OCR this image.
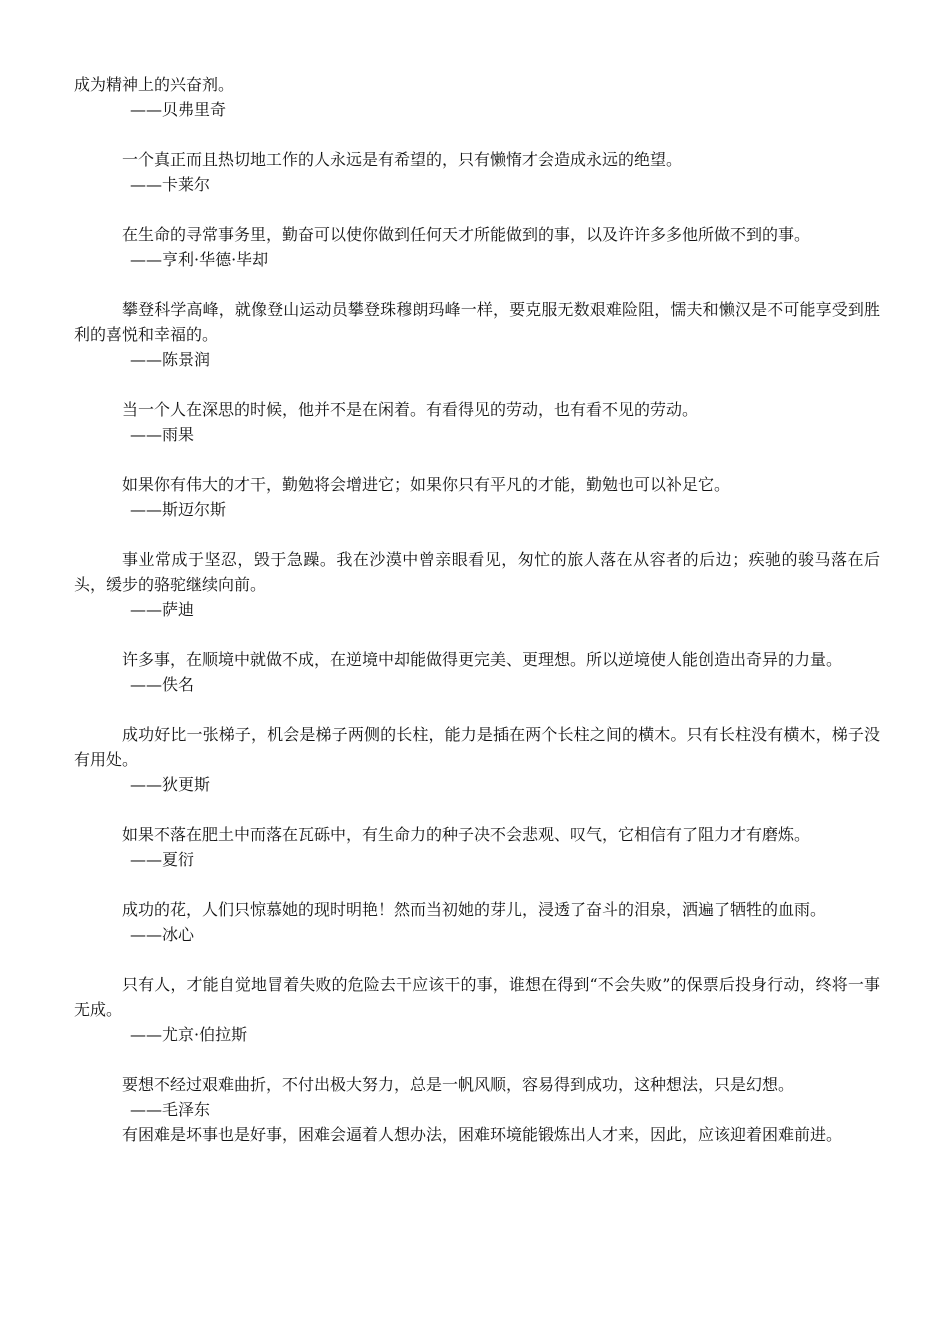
成为精神上的兴奋剂。

——贝弗里奇

一个真正而且热切地工作的人永远是有希望的，只有懒惰才会造成永远的绝望。

——卡莱尔

在生命的寻常事务里，勤奋可以使你做到任何天才所能做到的事，以及许许多多他所做不到的事。

——亨利·华德·毕却

攀登科学高峰，就像登山运动员攀登珠穆朗玛峰一样，要克服无数艰难险阻，懦夫和懒汉是不可能享受到胜利的喜悦和幸福的。

——陈景润

当一个人在深思的时候，他并不是在闲着。有看得见的劳动，也有看不见的劳动。

——雨果

如果你有伟大的才干，勤勉将会增进它；如果你只有平凡的才能，勤勉也可以补足它。

——斯迈尔斯

事业常成于坚忍，毁于急躁。我在沙漠中曾亲眼看见，匆忙的旅人落在从容者的后边；疾驰的骏马落在后头，缓步的骆驼继续向前。

——萨迪

许多事，在顺境中就做不成，在逆境中却能做得更完美、更理想。所以逆境使人能创造出奇异的力量。

——佚名

成功好比一张梯子，机会是梯子两侧的长柱，能力是插在两个长柱之间的横木。只有长柱没有横木，梯子没有用处。

——狄更斯

如果不落在肥土中而落在瓦砾中，有生命力的种子决不会悲观、叹气，它相信有了阻力才有磨炼。

——夏衍

成功的花，人们只惊慕她的现时明艳！然而当初她的芽儿，浸透了奋斗的泪泉，洒遍了牺牲的血雨。

——冰心

只有人，才能自觉地冒着失败的危险去干应该干的事，谁想在得到“不会失败”的保票后投身行动，终将一事无成。

——尤京·伯拉斯

要想不经过艰难曲折，不付出极大努力，总是一帆风顺，容易得到成功，这种想法，只是幻想。

——毛泽东

有困难是坏事也是好事，困难会逼着人想办法，困难环境能锻炼出人才来，因此，应该迎着困难前进。
